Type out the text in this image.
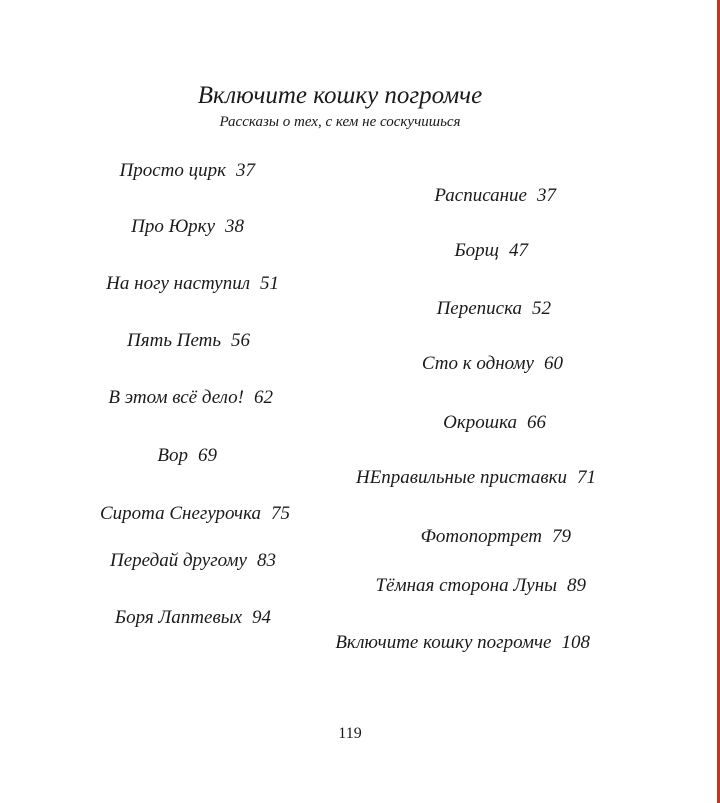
Включите кошку погромче
Рассказы о тех, с кем не соскучишься
Просто цирк 37
Про Юрку 38
На ногу наступил 51
Пять Петь 56
В этом всё дело! 62
Вор 69
Сирота Снегурочка 75
Передай другому 83
Боря Лаптевых 94
Расписание 37
Борщ 47
Переписка 52
Сто к одному 60
Окрошка 66
НЕправильные приставки 71
Фотопортрет 79
Тёмная сторона Луны 89
Включите кошку погромче 108
119
